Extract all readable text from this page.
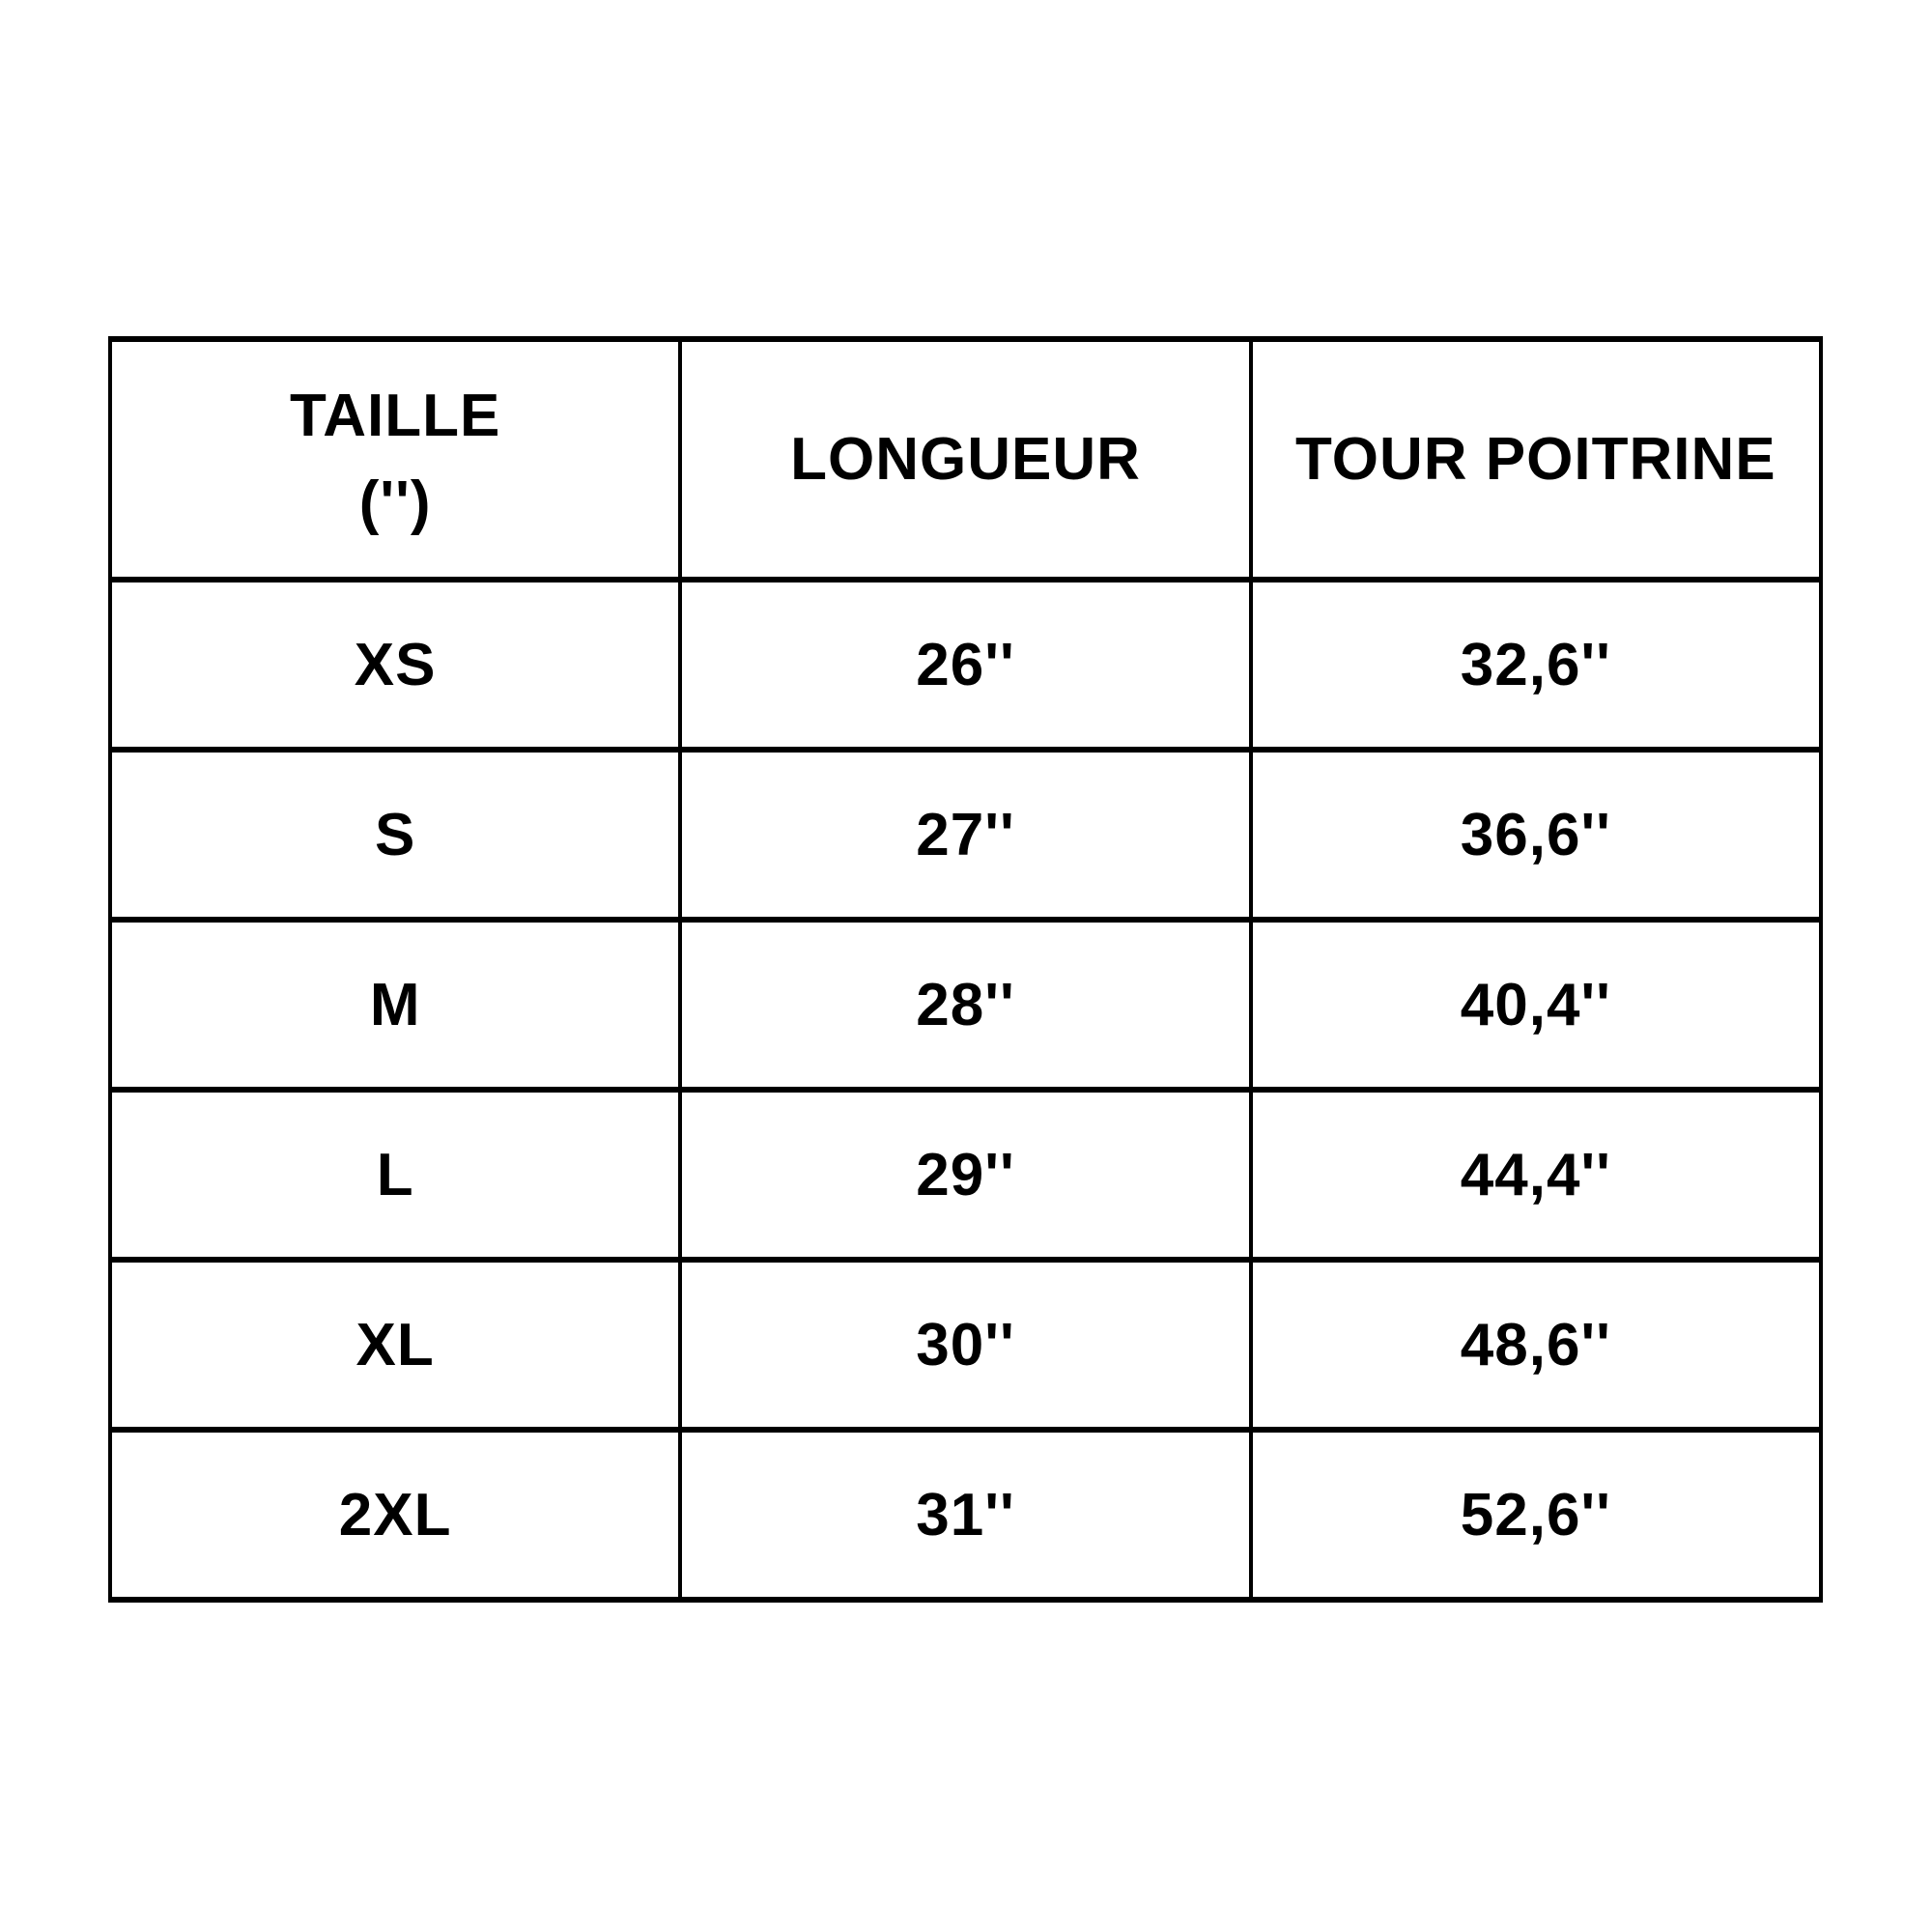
TAILLE
('')	LONGUEUR	TOUR POITRINE

XS	26''	32,6''
S	27''	36,6''
M	28''	40,4''
L	29''	44,4''
XL	30''	48,6''
2XL	31''	52,6''
